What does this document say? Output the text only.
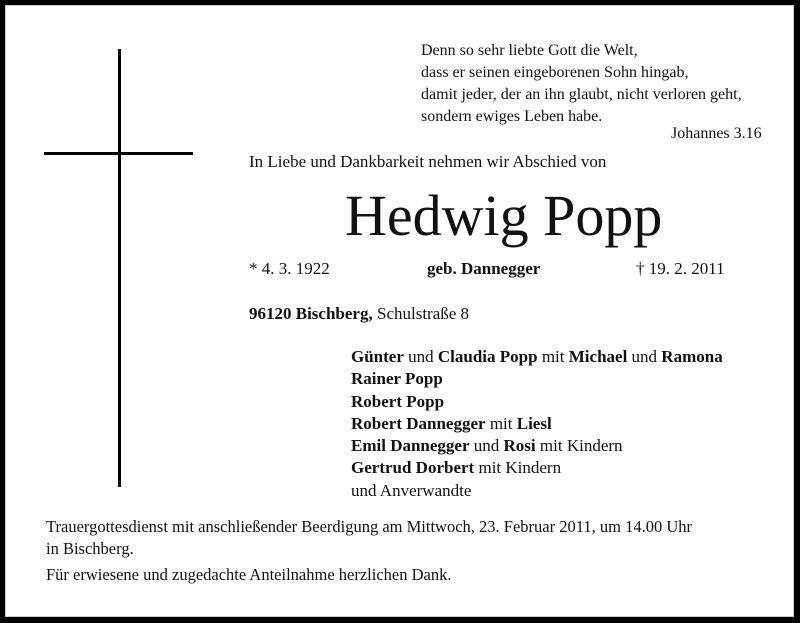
Denn so sehr liebte Gott die Welt,
dass er seinen eingeborenen Sohn hingab,
damit jeder, der an ihn glaubt, nicht verloren geht,
sondern ewiges Leben habe.
Johannes 3.16
In Liebe und Dankbarkeit nehmen wir Abschied von
Hedwig Popp
* 4. 3. 1922	geb. Dannegger	† 19. 2. 2011
96120 Bischberg, Schulstraße 8
Günter und Claudia Popp mit Michael und Ramona
Rainer Popp
Robert Popp
Robert Dannegger mit Liesl
Emil Dannegger und Rosi mit Kindern
Gertrud Dorbert mit Kindern
und Anverwandte
Trauergottesdienst mit anschließender Beerdigung am Mittwoch, 23. Februar 2011, um 14.00 Uhr
in Bischberg.
Für erwiesene und zugedachte Anteilnahme herzlichen Dank.
